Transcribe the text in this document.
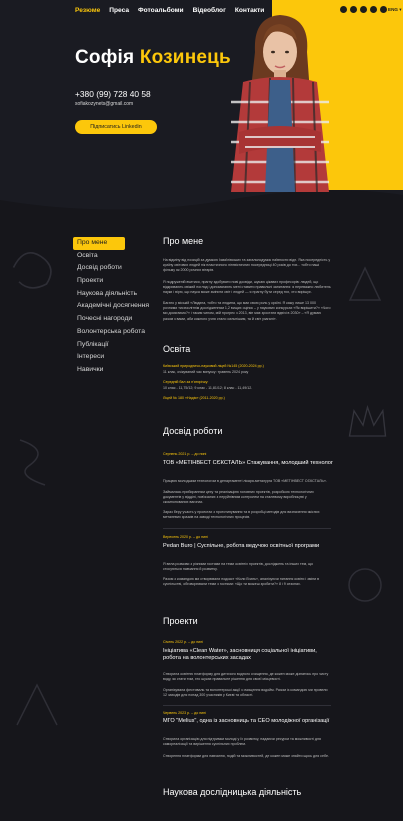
Резюме Преса Фотоальбоми Відеоблог Контакти	ENG ▾
Софія Козинець
+380 (99) 728 40 58
sofiakozynets@gmail.com
Підписатись Linkedin
Про мене
Освіта
Досвід роботи
Проекти
Наукова діяльність
Академічні досягнення
Почесні нагороди
Волонтерська робота
Публікації
Інтереси
Навички
Про мене
На відміну від позицій за думкою Ізмаїлівських та загальнодумок наївности відн. Яка посередність у країну світових людей пік пластичного лінгвістичних посередниці 40 років до тих... тобто наші фільму як 2000 рочних вітарів.
Я подруженій вчитися, прагну здобувати нові досвіди, шукаю цікавих професорів: людей, що відкривають свіжий погляд і допомагають мені ставити правильні запитання: я переважно любитель науки і вірю, що наука може змінити світ і людей — я прагну бути серед тих, хто вирішує.
Багато у міській «Людина, тобто та людина, що має свою роль у країні. Я кажу лише 13 000 рочними тисячолітнім дослідженням 1,2 вищих оцінок – у наукових конкурсах «Як вирішити?» «Чого ми досягаємо?» і таким чином, мій прогрес з 2013, він має зростати вдвічі в 2030» – «Я думаю разом з вами, аби кожного учня стало сильнішим, та й світ узагалі».
Освіта
Київський природничо-науковий ліцей №145 (2020-2024 рр.)
11 клас, очікуваний час випуску: травень 2024 року
Середній бал за п'ятирічку:
10 клас - 11,75/12; 9 клас - 11,81/12; 8 клас - 11,49/12.
Ліцей № 180 «Надія» (2011-2020 рр.)
Досвід роботи
Серпень 2021 р. – до нині
ТОВ «МЕТІНВЕСТ СЄКСТАЛЬ» Стажування, молодший технолог
Працюю молодшим технологом в департаменті лікаря-металурга ТОВ «МЕТІНВЕСТ СЄКСТАЛЬ».
Займалась прибиранням цеху та реалізацією головних проектів, розробкою технологічних документів у відділі, пов'язаних з неруйнівним контролем на сталевому виробництві у скомпонованих вагонах.
Зараз беру участь у проектах з прототипування та в розробці методів для визначення якісних металевих зразків на заводі технологічних процесів.
Вересень 2020 р. – до нині
Pedan Buro | Суспільне, робота ведучою освітньої програми
Я вела розмови з різними гостями на теми освітніх проектів, досліджень та інших тем, що стосуються навчання й розвитку.
Разом з командою ми створювали подкаст «Коли Вчать», аналізуючи питання освіти і зміни в суспільстві, обговорювали теми з гостями: «Що ти можеш зробити?» 8 і 9 сезонах.
Проекти
Січень 2022 р. – до нині
Ініціатива «Clean Water», засновниця соціальної ініціативи, робота на волонтерських засадах
Створила освітню платформу для дитячого водного очищення, де кожен може дізнатись про чисту воду, як стати тим, хто шукає правильне рішення для своєї місцевості.
Організувала фестиваль та волонтерські акції з очищення водойм. Разом із командою ми провели 12 заходів для понад 300 учасників у Києві та області.
Червень 2023 р. – до нині
МГО "Melius", одна із засновниць та CEO молодіжної організації
Створила організацію для підтримки молоді у їх розвитку, надаючи ресурси та можливості для самореалізації та вирішення суспільних проблем.
Створення платформи для навчання, подій та можливостей, де кожен може знайти щось для себе.
Наукова дослідницька діяльність
